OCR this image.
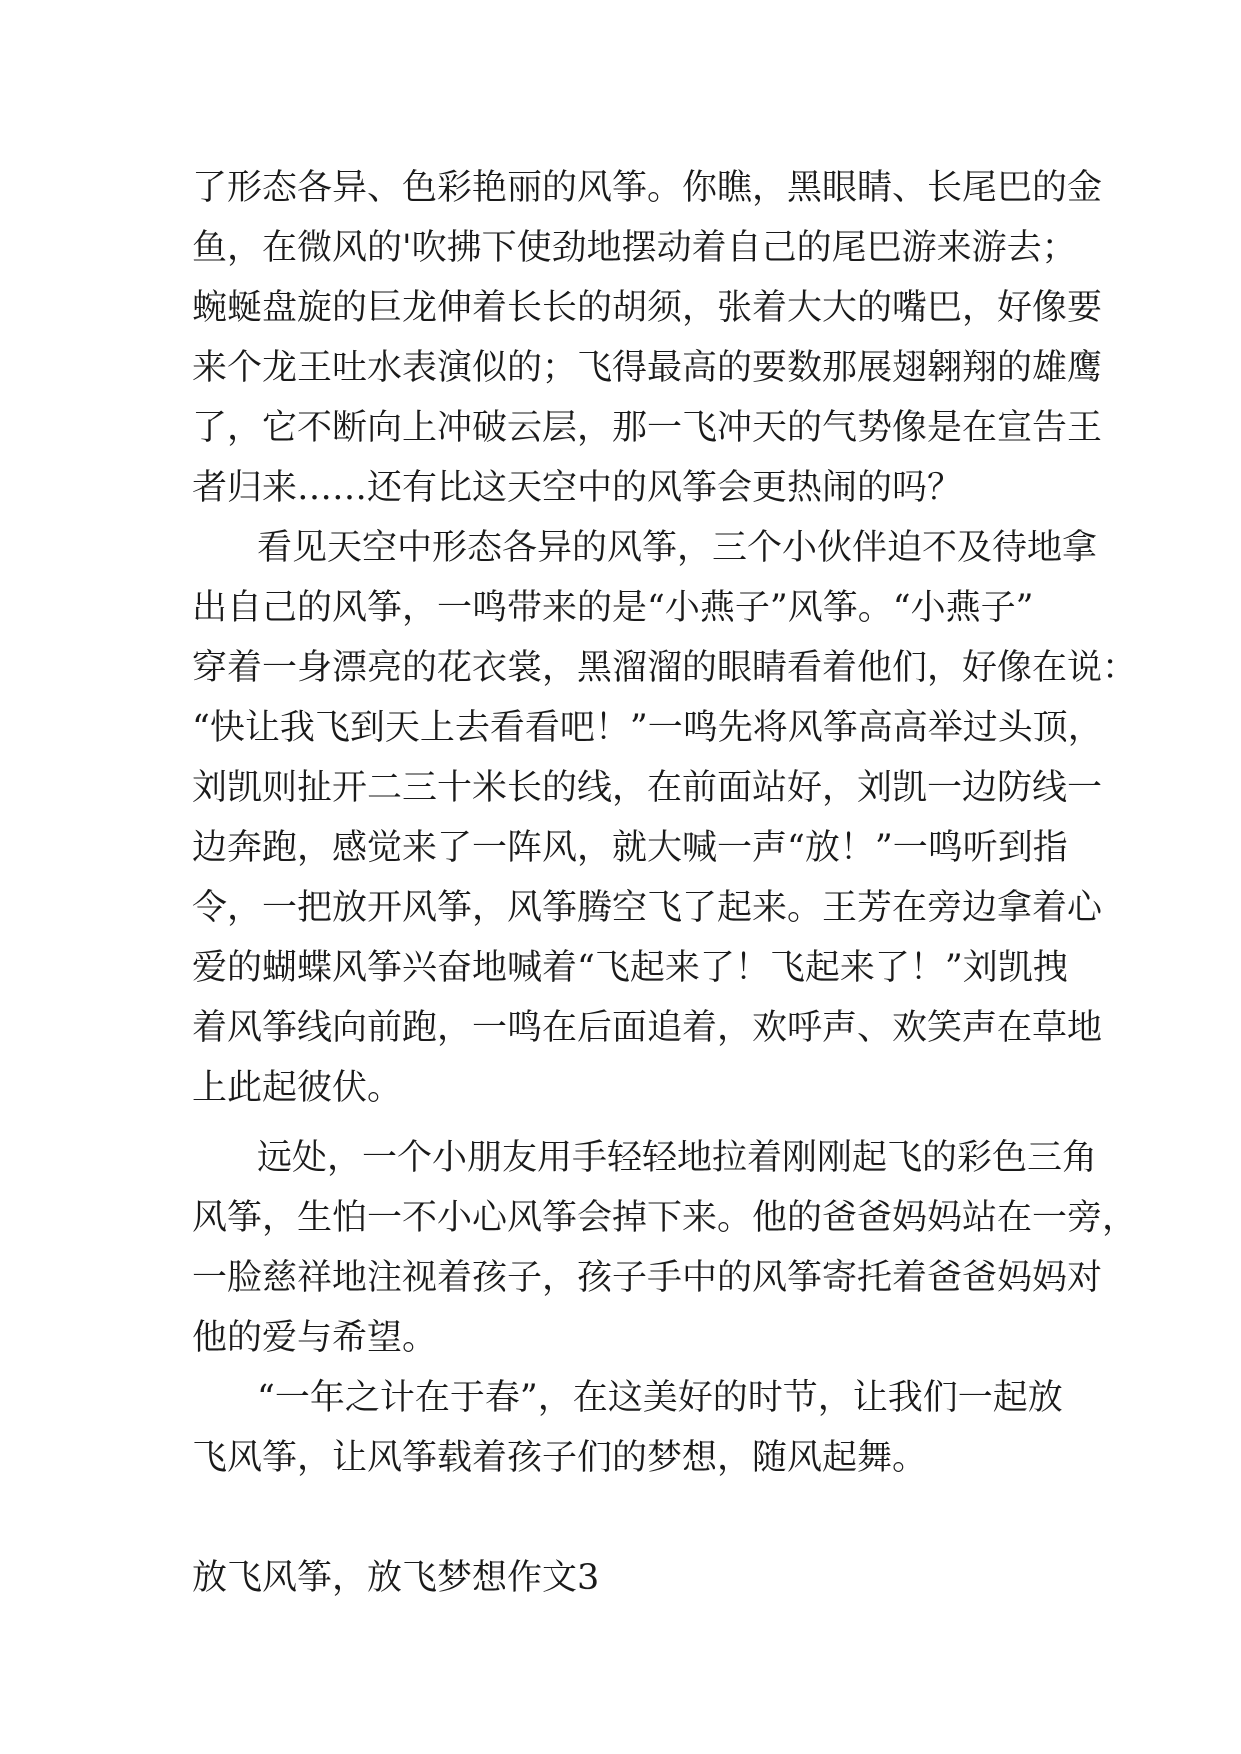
了形态各异、色彩艳丽的风筝。你瞧，黑眼睛、长尾巴的金
鱼，在微风的'吹拂下使劲地摆动着自己的尾巴游来游去；
蜿蜒盘旋的巨龙伸着长长的胡须，张着大大的嘴巴，好像要
来个龙王吐水表演似的；飞得最高的要数那展翅翱翔的雄鹰
了，它不断向上冲破云层，那一飞冲天的气势像是在宣告王
者归来……还有比这天空中的风筝会更热闹的吗？
看见天空中形态各异的风筝，三个小伙伴迫不及待地拿
出自己的风筝，一鸣带来的是“小燕子”风筝。“小燕子”
穿着一身漂亮的花衣裳，黑溜溜的眼睛看着他们，好像在说：
“快让我飞到天上去看看吧！”一鸣先将风筝高高举过头顶，
刘凯则扯开二三十米长的线，在前面站好，刘凯一边防线一
边奔跑，感觉来了一阵风，就大喊一声“放！”一鸣听到指
令，一把放开风筝，风筝腾空飞了起来。王芳在旁边拿着心
爱的蝴蝶风筝兴奋地喊着“飞起来了！飞起来了！”刘凯拽
着风筝线向前跑，一鸣在后面追着，欢呼声、欢笑声在草地
上此起彼伏。
远处，一个小朋友用手轻轻地拉着刚刚起飞的彩色三角
风筝，生怕一不小心风筝会掉下来。他的爸爸妈妈站在一旁，
一脸慈祥地注视着孩子，孩子手中的风筝寄托着爸爸妈妈对
他的爱与希望。
“一年之计在于春”，在这美好的时节，让我们一起放
飞风筝，让风筝载着孩子们的梦想，随风起舞。
放飞风筝，放飞梦想作文3
